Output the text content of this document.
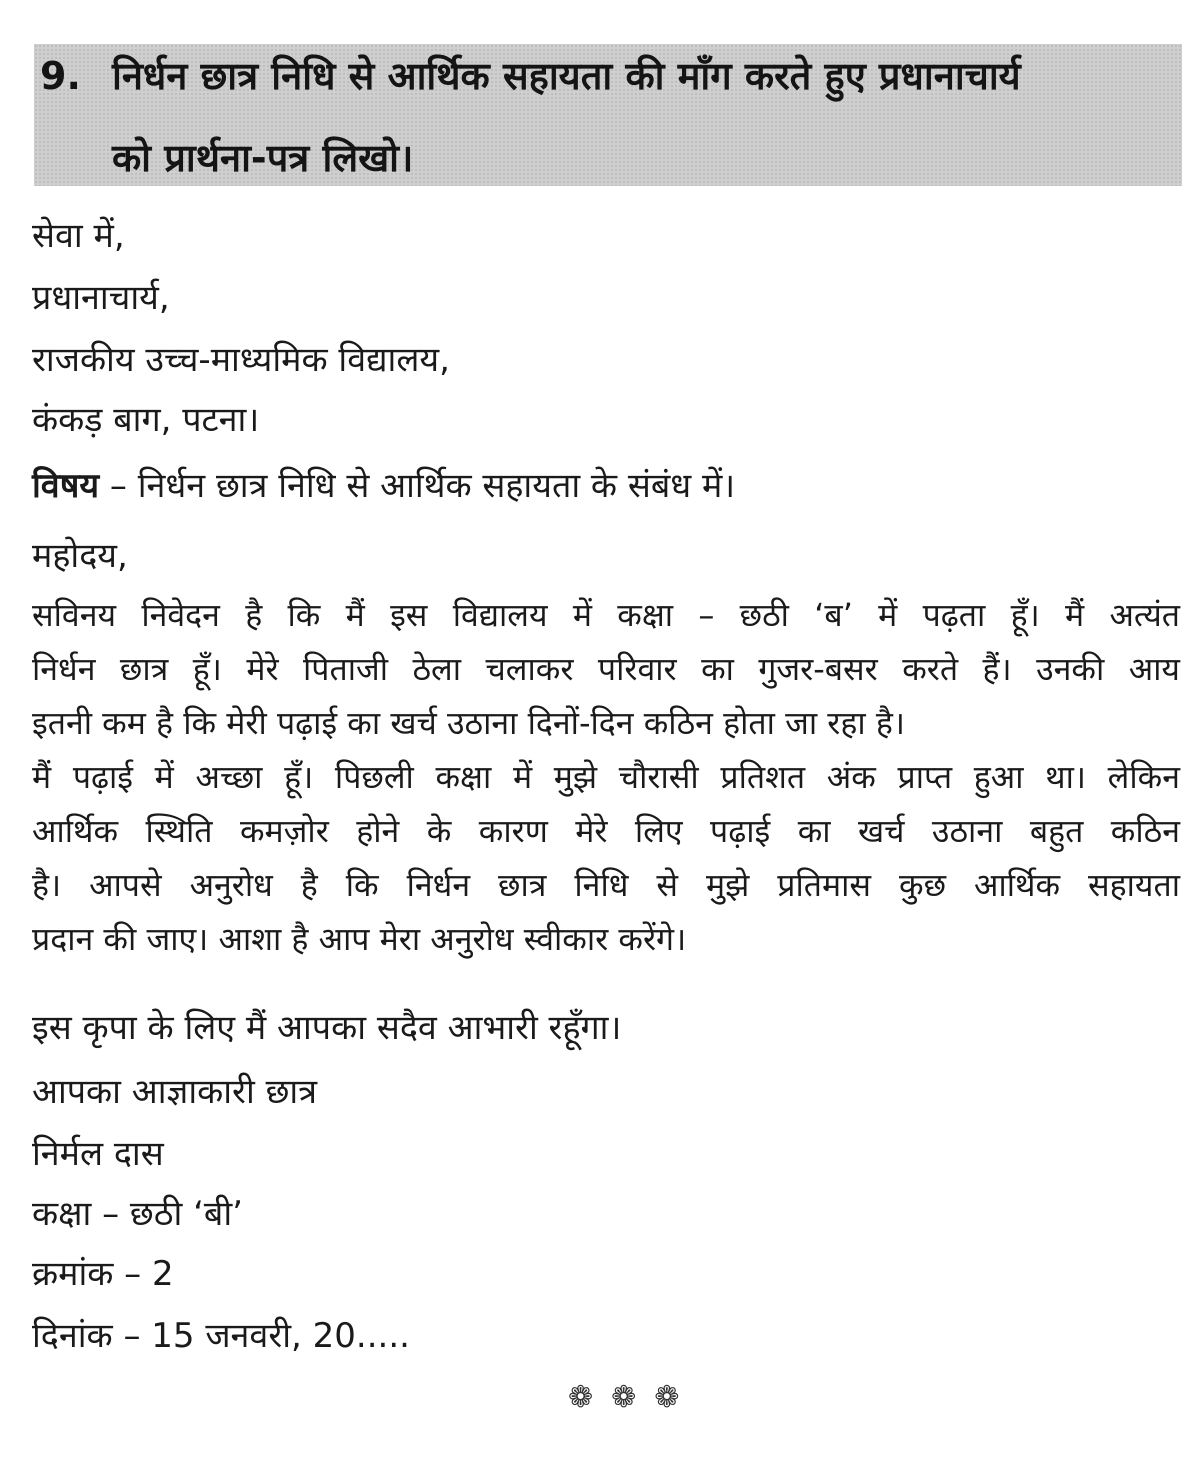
9. निर्धन छात्र निधि से आर्थिक सहायता की माँग करते हुए प्रधानाचार्य
को प्रार्थना-पत्र लिखो।
सेवा में,
प्रधानाचार्य,
राजकीय उच्च-माध्यमिक विद्यालय,
कंकड़ बाग, पटना।
विषय – निर्धन छात्र निधि से आर्थिक सहायता के संबंध में।
महोदय,
सविनय निवेदन है कि मैं इस विद्यालय में कक्षा – छठी ‘ब’ में पढ़ता हूँ। मैं अत्यंत
निर्धन छात्र हूँ। मेरे पिताजी ठेला चलाकर परिवार का गुजर-बसर करते हैं। उनकी आय
इतनी कम है कि मेरी पढ़ाई का खर्च उठाना दिनों-दिन कठिन होता जा रहा है।
मैं पढ़ाई में अच्छा हूँ। पिछली कक्षा में मुझे चौरासी प्रतिशत अंक प्राप्त हुआ था। लेकिन
आर्थिक स्थिति कमज़ोर होने के कारण मेरे लिए पढ़ाई का खर्च उठाना बहुत कठिन
है। आपसे अनुरोध है कि निर्धन छात्र निधि से मुझे प्रतिमास कुछ आर्थिक सहायता
प्रदान की जाए। आशा है आप मेरा अनुरोध स्वीकार करेंगे।
इस कृपा के लिए मैं आपका सदैव आभारी रहूँगा।
आपका आज्ञाकारी छात्र
निर्मल दास
कक्षा – छठी ‘बी’
क्रमांक – 2
दिनांक – 15 जनवरी, 20.....
❁❁❁
